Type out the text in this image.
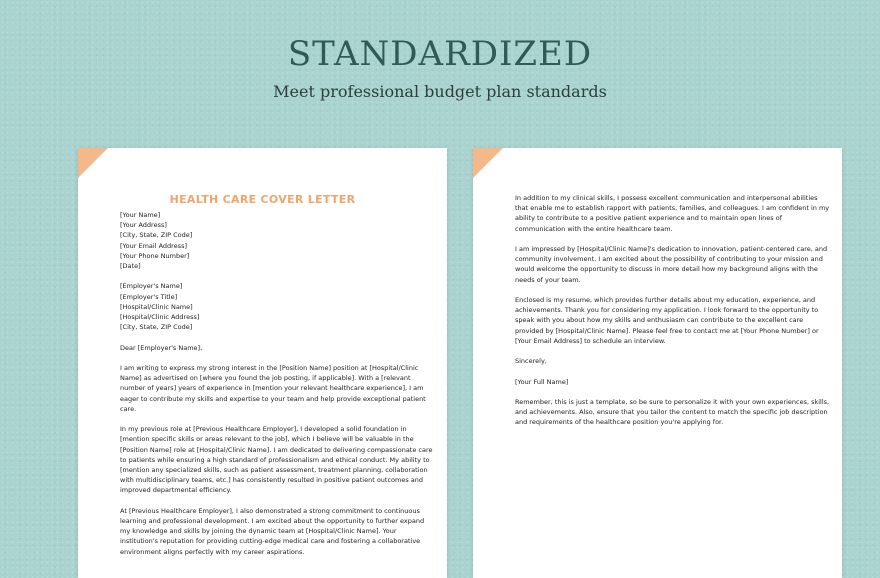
STANDARDIZED
Meet professional budget plan standards
HEALTH CARE COVER LETTER

[Your Name]
[Your Address]
[City, State, ZIP Code]
[Your Email Address]
[Your Phone Number]
[Date]

[Employer's Name]
[Employer's Title]
[Hospital/Clinic Name]
[Hospital/Clinic Address]
[City, State, ZIP Code]

Dear [Employer's Name],

I am writing to express my strong interest in the [Position Name] position at [Hospital/Clinic
Name] as advertised on [where you found the job posting, if applicable]. With a [relevant
number of years] years of experience in [mention your relevant healthcare experience], I am
eager to contribute my skills and expertise to your team and help provide exceptional patient
care.

In my previous role at [Previous Healthcare Employer], I developed a solid foundation in
[mention specific skills or areas relevant to the job], which I believe will be valuable in the
[Position Name] role at [Hospital/Clinic Name]. I am dedicated to delivering compassionate care
to patients while ensuring a high standard of professionalism and ethical conduct. My ability to
[mention any specialized skills, such as patient assessment, treatment planning, collaboration
with multidisciplinary teams, etc.] has consistently resulted in positive patient outcomes and
improved departmental efficiency.

At [Previous Healthcare Employer], I also demonstrated a strong commitment to continuous
learning and professional development. I am excited about the opportunity to further expand
my knowledge and skills by joining the dynamic team at [Hospital/Clinic Name]. Your
institution's reputation for providing cutting-edge medical care and fostering a collaborative
environment aligns perfectly with my career aspirations.

In addition to my clinical skills, I possess excellent communication and interpersonal abilities
that enable me to establish rapport with patients, families, and colleagues. I am confident in my
ability to contribute to a positive patient experience and to maintain open lines of
communication with the entire healthcare team.

I am impressed by [Hospital/Clinic Name]'s dedication to innovation, patient-centered care, and
community involvement. I am excited about the possibility of contributing to your mission and
would welcome the opportunity to discuss in more detail how my background aligns with the
needs of your team.

Enclosed is my resume, which provides further details about my education, experience, and
achievements. Thank you for considering my application. I look forward to the opportunity to
speak with you about how my skills and enthusiasm can contribute to the excellent care
provided by [Hospital/Clinic Name]. Please feel free to contact me at [Your Phone Number] or
[Your Email Address] to schedule an interview.

Sincerely,

[Your Full Name]

Remember, this is just a template, so be sure to personalize it with your own experiences, skills,
and achievements. Also, ensure that you tailor the content to match the specific job description
and requirements of the healthcare position you're applying for.
